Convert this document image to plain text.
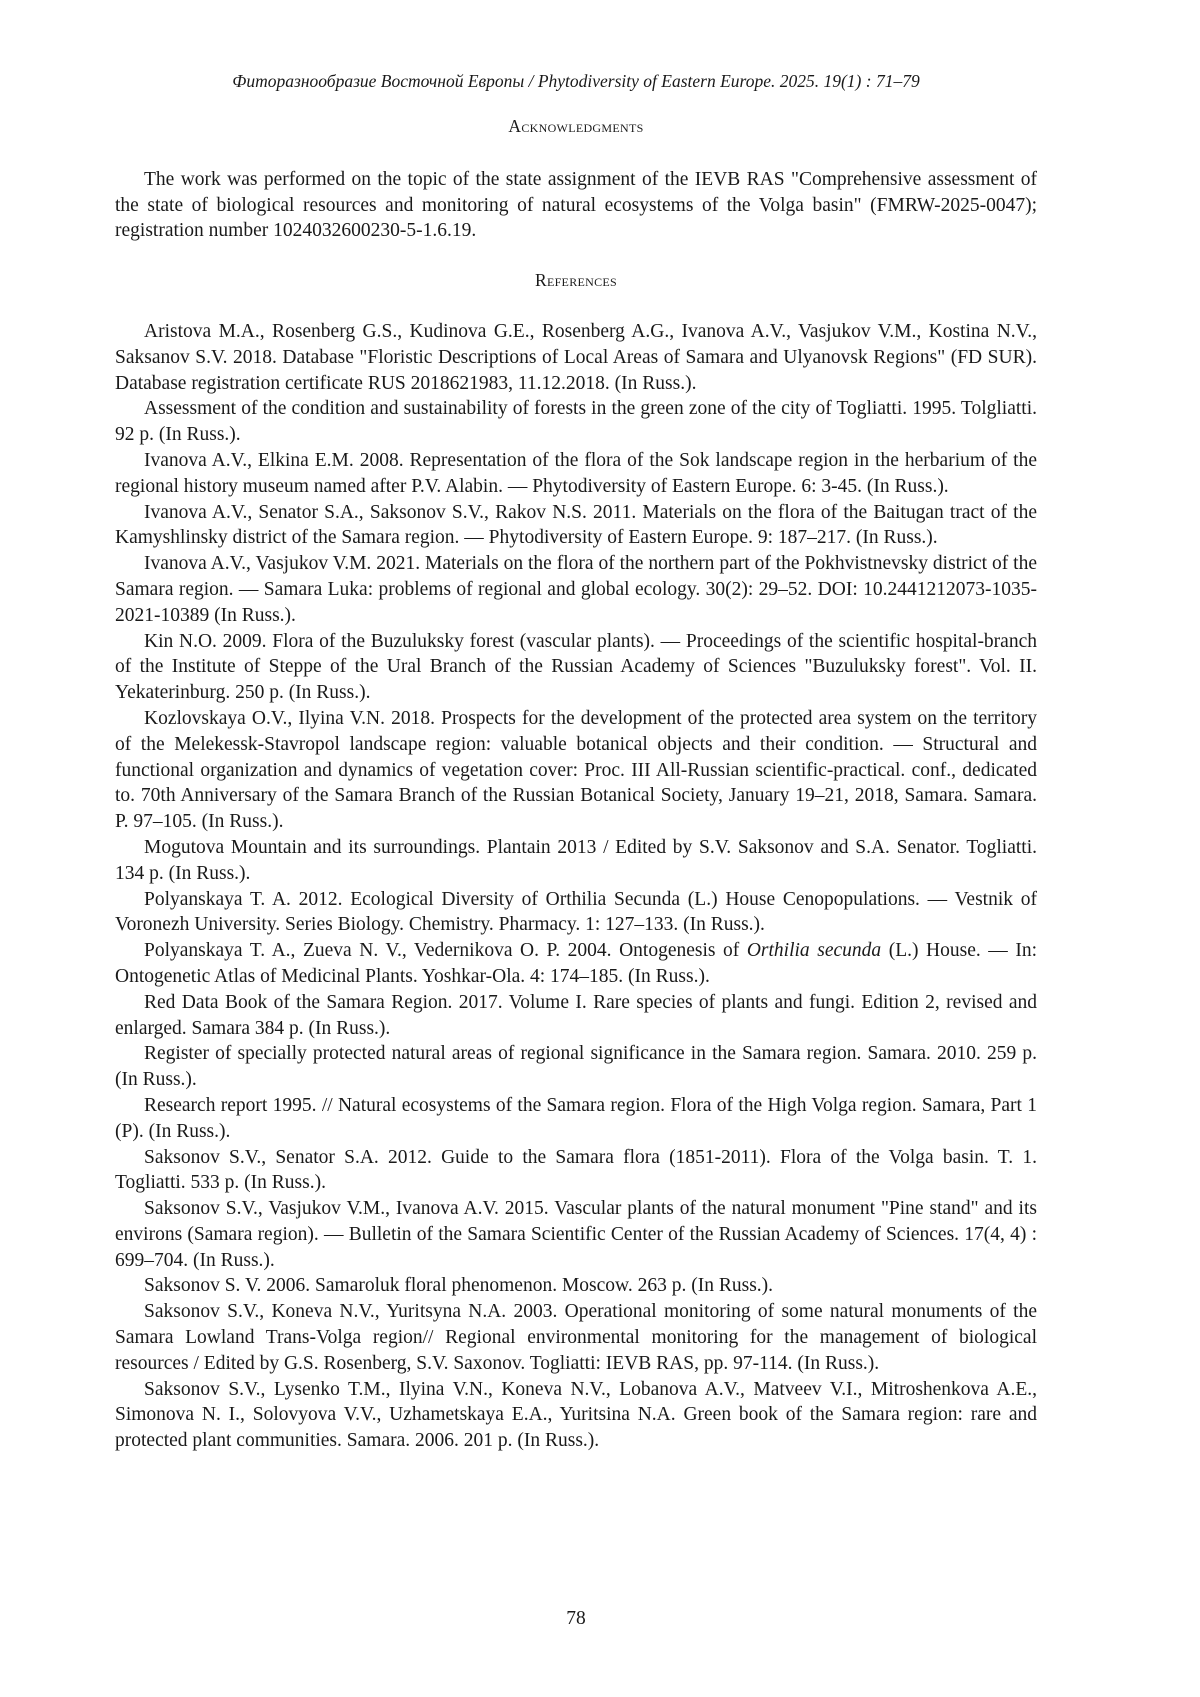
Фиторазнообразие Восточной Европы / Phytodiversity of Eastern Europe. 2025. 19(1) : 71–79
Acknowledgments

The work was performed on the topic of the state assignment of the IEVB RAS "Comprehensive assessment of the state of biological resources and monitoring of natural ecosystems of the Volga basin" (FMRW-2025-0047); registration number 1024032600230-5-1.6.19.

References
Aristova M.A., Rosenberg G.S., Kudinova G.E., Rosenberg A.G., Ivanova A.V., Vasjukov V.M., Kostina N.V., Saksanov S.V. 2018. Database "Floristic Descriptions of Local Areas of Samara and Ulyanovsk Regions" (FD SUR). Database registration certificate RUS 2018621983, 11.12.2018. (In Russ.).
Assessment of the condition and sustainability of forests in the green zone of the city of Togliatti. 1995. Tolgliatti. 92 p. (In Russ.).
Ivanova A.V., Elkina E.M. 2008. Representation of the flora of the Sok landscape region in the herbarium of the regional history museum named after P.V. Alabin. — Phytodiversity of Eastern Europe. 6: 3-45. (In Russ.).
Ivanova A.V., Senator S.A., Saksonov S.V., Rakov N.S. 2011. Materials on the flora of the Baitugan tract of the Kamyshlinsky district of the Samara region. — Phytodiversity of Eastern Europe. 9: 187–217. (In Russ.).
Ivanova A.V., Vasjukov V.M. 2021. Materials on the flora of the northern part of the Pokhvistnevsky district of the Samara region. — Samara Luka: problems of regional and global ecology. 30(2): 29–52. DOI: 10.2441212073-1035-2021-10389 (In Russ.).
Kin N.O. 2009. Flora of the Buzuluksky forest (vascular plants). — Proceedings of the scientific hospital-branch of the Institute of Steppe of the Ural Branch of the Russian Academy of Sciences "Buzuluksky forest". Vol. II. Yekaterinburg. 250 p. (In Russ.).
Kozlovskaya O.V., Ilyina V.N. 2018. Prospects for the development of the protected area system on the territory of the Melekessk-Stavropol landscape region: valuable botanical objects and their condition. — Structural and functional organization and dynamics of vegetation cover: Proc. III All-Russian scientific-practical. conf., dedicated to. 70th Anniversary of the Samara Branch of the Russian Botanical Society, January 19–21, 2018, Samara. Samara. P. 97–105. (In Russ.).
Mogutova Mountain and its surroundings. Plantain 2013 / Edited by S.V. Saksonov and S.A. Senator. Togliatti. 134 p. (In Russ.).
Polyanskaya T. A. 2012. Ecological Diversity of Orthilia Secunda (L.) House Cenopopulations. — Vestnik of Voronezh University. Series Biology. Chemistry. Pharmacy. 1: 127–133. (In Russ.).
Polyanskaya T. A., Zueva N. V., Vedernikova O. P. 2004. Ontogenesis of Orthilia secunda (L.) House. — In: Ontogenetic Atlas of Medicinal Plants. Yoshkar-Ola. 4: 174–185. (In Russ.).
Red Data Book of the Samara Region. 2017. Volume I. Rare species of plants and fungi. Edition 2, revised and enlarged. Samara 384 p. (In Russ.).
Register of specially protected natural areas of regional significance in the Samara region. Samara. 2010. 259 p. (In Russ.).
Research report 1995. // Natural ecosystems of the Samara region. Flora of the High Volga region. Samara, Part 1 (P). (In Russ.).
Saksonov S.V., Senator S.A. 2012. Guide to the Samara flora (1851-2011). Flora of the Volga basin. T. 1. Togliatti. 533 p. (In Russ.).
Saksonov S.V., Vasjukov V.M., Ivanova A.V. 2015. Vascular plants of the natural monument "Pine stand" and its environs (Samara region). — Bulletin of the Samara Scientific Center of the Russian Academy of Sciences. 17(4, 4) : 699–704. (In Russ.).
Saksonov S. V. 2006. Samaroluk floral phenomenon. Moscow. 263 p. (In Russ.).
Saksonov S.V., Koneva N.V., Yuritsyna N.A. 2003. Operational monitoring of some natural monuments of the Samara Lowland Trans-Volga region// Regional environmental monitoring for the management of biological resources / Edited by G.S. Rosenberg, S.V. Saxonov. Togliatti: IEVB RAS, pp. 97-114. (In Russ.).
Saksonov S.V., Lysenko T.M., Ilyina V.N., Koneva N.V., Lobanova A.V., Matveev V.I., Mitroshenkova A.E., Simonova N. I., Solovyova V.V., Uzhametskaya E.A., Yuritsina N.A. Green book of the Samara region: rare and protected plant communities. Samara. 2006. 201 p. (In Russ.).
78
